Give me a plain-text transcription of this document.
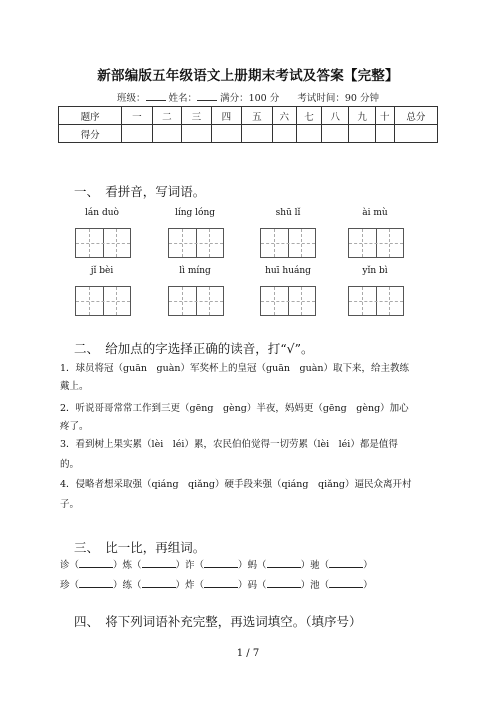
新部编版五年级语文上册期末考试及答案【完整】
班级： 姓名： 满分：100 分 考试时间：90 分钟
题序	一	二	三	四	五	六	七	八	九	十	总分
得分											
一、　看拼音，写词语。
lán duò	líng lóng	shū lǐ	ài mù
jǐ bèi	lì míng	huī huáng	yǐn bì
二、　给加点的字选择正确的读音，打“√”。
1．球员将冠（guān　guàn）军奖杯上的皇冠（guān　guàn）取下来，给主教练
戴上。
2．听说哥哥常常工作到三更（gēng　gèng）半夜，妈妈更（gēng　gèng）加心
疼了。
3．看到树上果实累（lèi　léi）累，农民伯伯觉得一切劳累（lèi　léi）都是值得
的。
4．侵略者想采取强（qiáng　qiǎng）硬手段来强（qiáng　qiǎng）逼民众离开村
子。
三、　比一比，再组词。
诊（	）炼（	）诈（	）蚂（	）驰（	）
珍（	）练（	）炸（	）码（	）池（	）
四、　将下列词语补充完整，再选词填空。（填序号）
1 / 7
